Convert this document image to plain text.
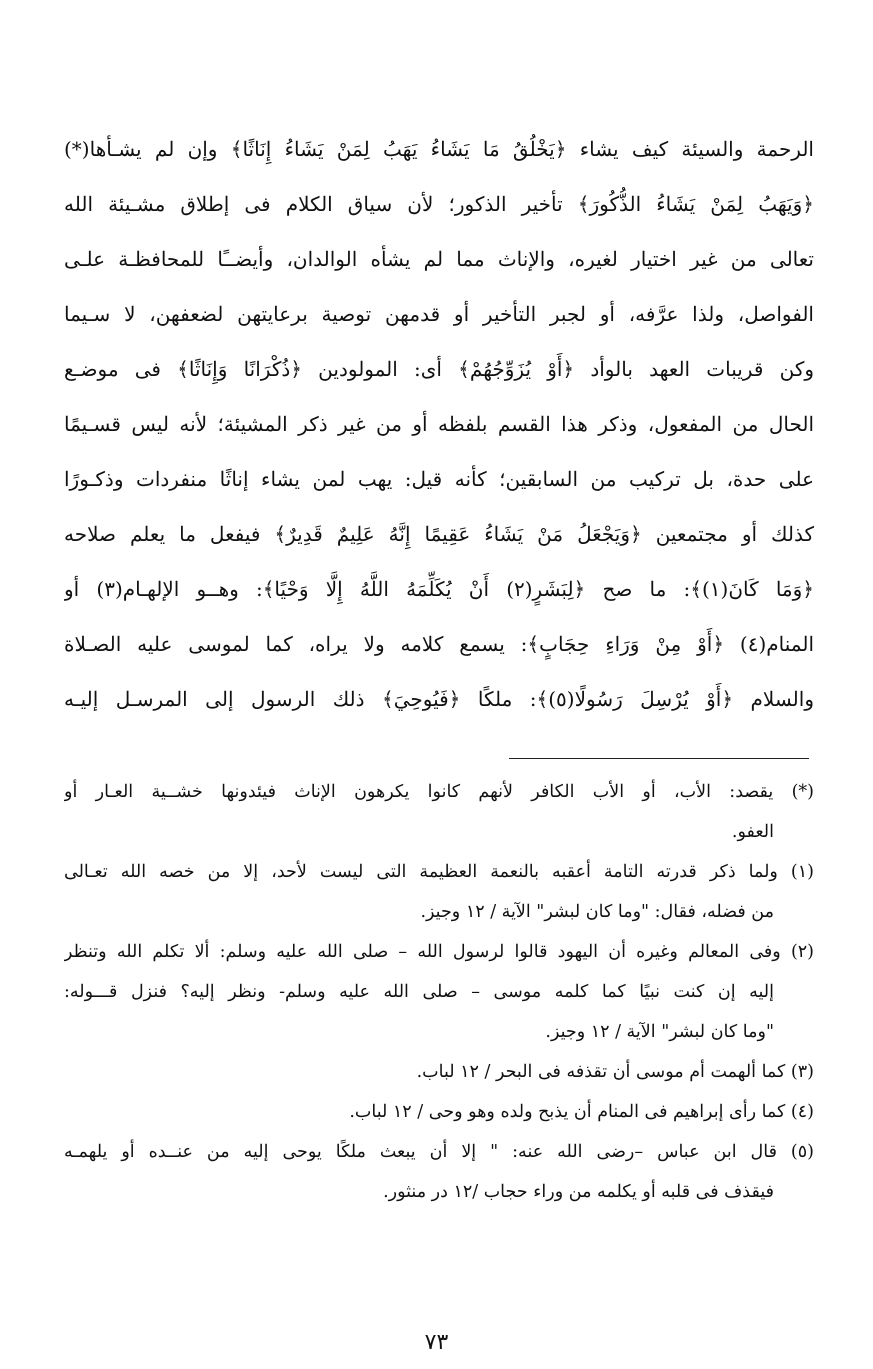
الرحمة والسيئة كيف يشاء ﴿يَخْلُقُ مَا يَشَاءُ يَهَبُ لِمَنْ يَشَاءُ إِنَاثًا﴾ وإن لم يشـأها(*)
﴿وَيَهَبُ لِمَنْ يَشَاءُ الذُّكُورَ﴾ تأخير الذكور؛ لأن سياق الكلام فى إطلاق مشـيئة الله
تعالى من غير اختيار لغيره، والإناث مما لم يشأه الوالدان، وأيضــًا للمحافظـة علـى
الفواصل، ولذا عرَّفه، أو لجبر التأخير أو قدمهن توصية برعايتهن لضعفهن، لا سـيما
وكن قريبات العهد بالوأد ﴿أَوْ يُزَوِّجُهُمْ﴾ أى: المولودين ﴿ذُكْرَانًا وَإِنَاثًا﴾ فى موضـع
الحال من المفعول، وذكر هذا القسم بلفظه أو من غير ذكر المشيئة؛ لأنه ليس قسـيمًا
على حدة، بل تركيب من السابقين؛ كأنه قيل: يهب لمن يشاء إناثًا منفردات وذكـورًا
كذلك أو مجتمعين ﴿وَيَجْعَلُ مَنْ يَشَاءُ عَقِيمًا إِنَّهُ عَلِيمٌ قَدِيرٌ﴾ فيفعل ما يعلم صلاحه
﴿وَمَا كَانَ(١)﴾: ما صح ﴿لِبَشَرٍ(٢) أَنْ يُكَلِّمَهُ اللَّهُ إِلَّا وَحْيًا﴾: وهــو الإلهـام(٣) أو
المنام(٤) ﴿أَوْ مِنْ وَرَاءِ حِجَابٍ﴾: يسمع كلامه ولا يراه، كما لموسى عليه الصـلاة
والسلام ﴿أَوْ يُرْسِلَ رَسُولًا(٥)﴾: ملكًا ﴿فَيُوحِيَ﴾ ذلك الرسول إلى المرسـل إليـه
(*) يقصد: الأب، أو الأب الكافر لأنهم كانوا يكرهون الإناث فيئدونها خشــية العـار أو
العفو.
(١) ولما ذكر قدرته التامة أعقبه بالنعمة العظيمة التى ليست لأحد، إلا من خصه الله تعـالى
من فضله، فقال: "وما كان لبشر" الآية / ١٢ وجيز.
(٢) وفى المعالم وغيره أن اليهود قالوا لرسول الله – صلى الله عليه وسلم: ألا تكلم الله وتنظر
إليه إن كنت نبيًا كما كلمه موسى – صلى الله عليه وسلم- ونظر إليه؟ فنزل قـــوله:
"وما كان لبشر" الآية / ١٢ وجيز.
(٣) كما ألهمت أم موسى أن تقذفه فى البحر / ١٢ لباب.
(٤) كما رأى إبراهيم فى المنام أن يذبح ولده وهو وحى / ١٢ لباب.
(٥) قال ابن عباس –رضى الله عنه: " إلا أن يبعث ملكًا يوحى إليه من عنــده أو يلهمـه
فيقذف فى قلبه أو يكلمه من وراء حجاب /١٢ در منثور.
٧٣
